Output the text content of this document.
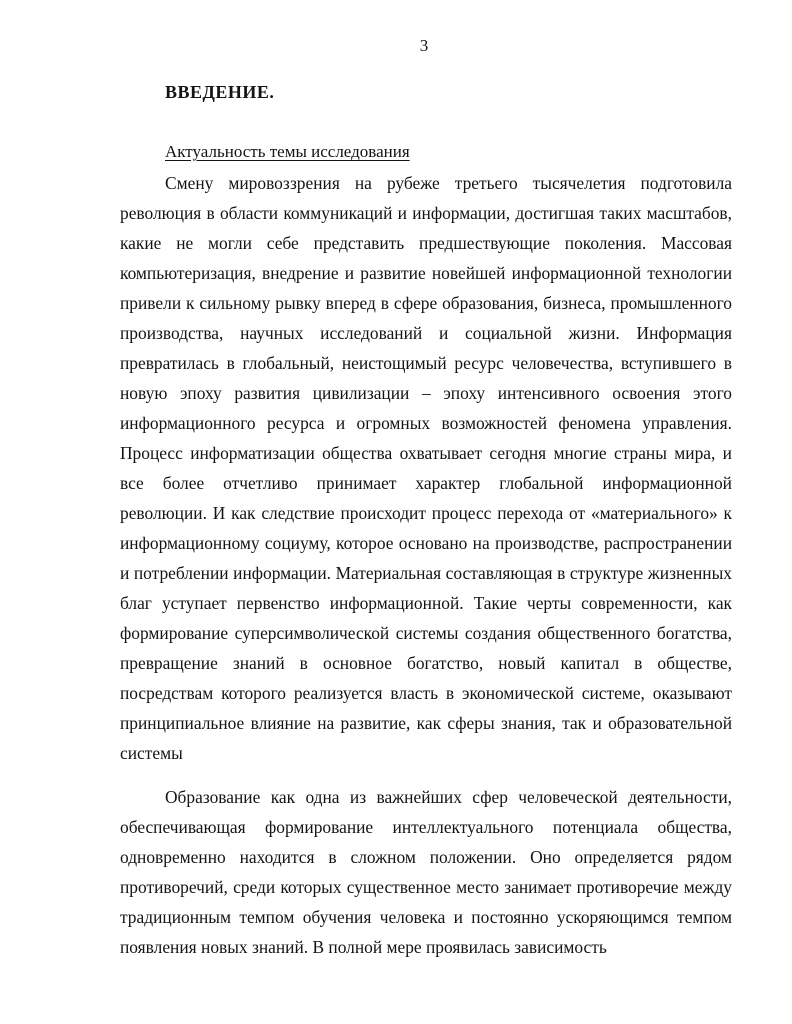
3
ВВЕДЕНИЕ.
Актуальность темы исследования

Смену мировоззрения на рубеже третьего тысячелетия подготовила революция в области коммуникаций и информации, достигшая таких масштабов, какие не могли себе представить предшествующие поколения. Массовая компьютеризация, внедрение и развитие новейшей информационной технологии привели к сильному рывку вперед в сфере образования, бизнеса, промышленного производства, научных исследований и социальной жизни. Информация превратилась в глобальный, неистощимый ресурс человечества, вступившего в новую эпоху развития цивилизации – эпоху интенсивного освоения этого информационного ресурса и огромных возможностей феномена управления. Процесс информатизации общества охватывает сегодня многие страны мира, и все более отчетливо принимает характер глобальной информационной революции. И как следствие происходит процесс перехода от «материального» к информационному социуму, которое основано на производстве, распространении и потреблении информации. Материальная составляющая в структуре жизненных благ уступает первенство информационной. Такие черты современности, как формирование суперсимволической системы создания общественного богатства, превращение знаний в основное богатство, новый капитал в обществе, посредствам которого реализуется власть в экономической системе, оказывают принципиальное влияние на развитие, как сферы знания, так и образовательной системы

Образование как одна из важнейших сфер человеческой деятельности, обеспечивающая формирование интеллектуального потенциала общества, одновременно находится в сложном положении. Оно определяется рядом противоречий, среди которых существенное место занимает противоречие между традиционным темпом обучения человека и постоянно ускоряющимся темпом появления новых знаний. В полной мере проявилась зависимость
